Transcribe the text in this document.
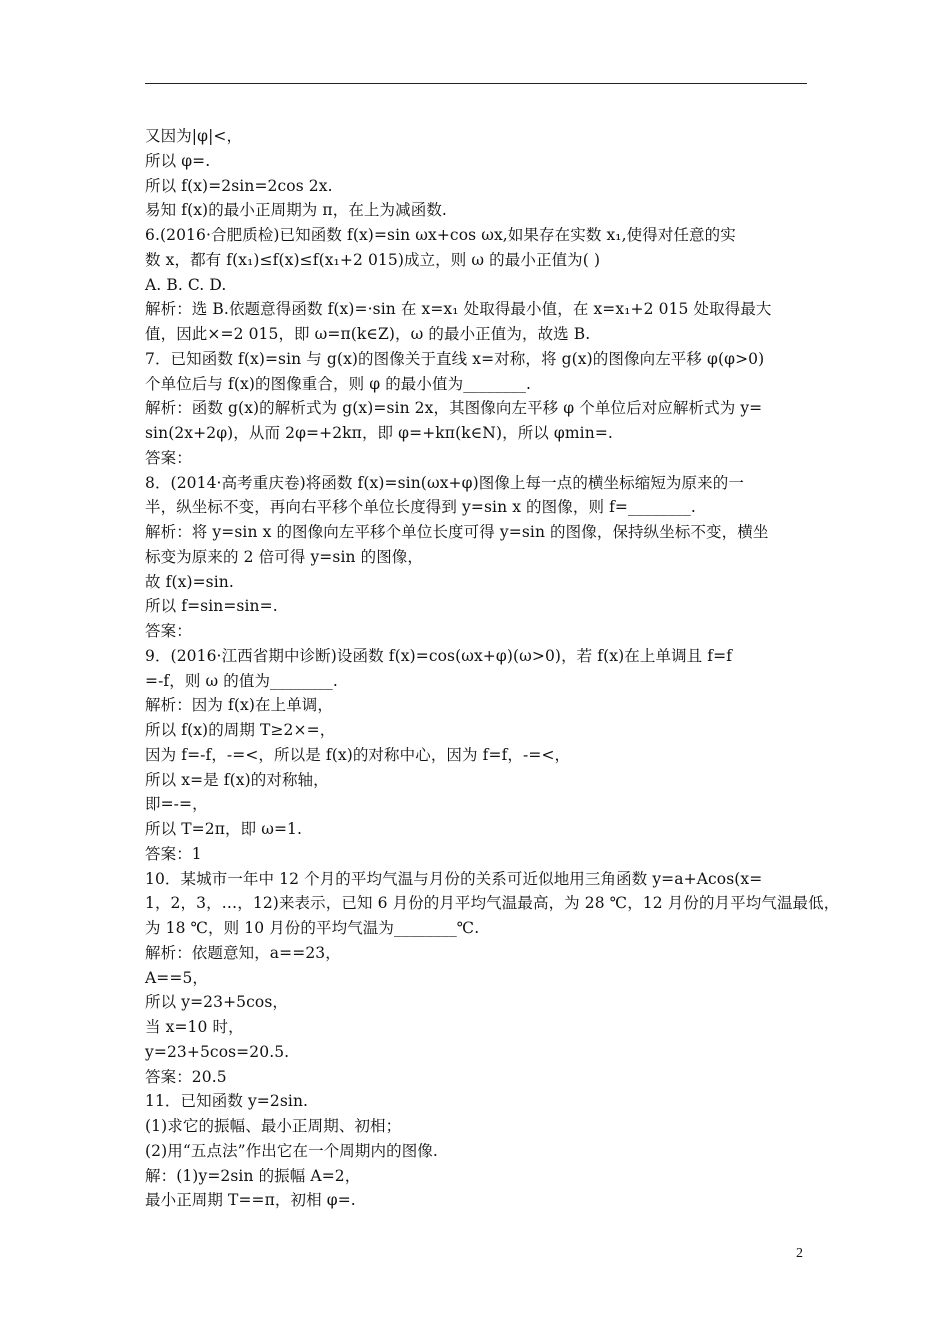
又因为|φ|<，
所以 φ=.
所以 f(x)=2sin=2cos 2x.
易知 f(x)的最小正周期为 π，在上为减函数.
6.(2016·合肥质检)已知函数 f(x)=sin ωx+cos ωx,如果存在实数 x₁,使得对任意的实
数 x，都有 f(x₁)≤f(x)≤f(x₁+2 015)成立，则 ω 的最小正值为( )
A. B. C. D.
解析：选 B.依题意得函数 f(x)=·sin 在 x=x₁ 处取得最小值，在 x=x₁+2 015 处取得最大
值，因此×=2 015，即 ω=π(k∈Z)，ω 的最小正值为，故选 B.
7．已知函数 f(x)=sin 与 g(x)的图像关于直线 x=对称，将 g(x)的图像向左平移 φ(φ>0)
个单位后与 f(x)的图像重合，则 φ 的最小值为________.
解析：函数 g(x)的解析式为 g(x)=sin 2x，其图像向左平移 φ 个单位后对应解析式为 y=
sin(2x+2φ)，从而 2φ=+2kπ，即 φ=+kπ(k∈N)，所以 φmin=.
答案：
8．(2014·高考重庆卷)将函数 f(x)=sin(ωx+φ)图像上每一点的横坐标缩短为原来的一
半，纵坐标不变，再向右平移个单位长度得到 y=sin x 的图像，则 f=________.
解析：将 y=sin x 的图像向左平移个单位长度可得 y=sin 的图像，保持纵坐标不变，横坐
标变为原来的 2 倍可得 y=sin 的图像，
故 f(x)=sin.
所以 f=sin=sin=.
答案：
9．(2016·江西省期中诊断)设函数 f(x)=cos(ωx+φ)(ω>0)，若 f(x)在上单调且 f=f
=-f，则 ω 的值为________.
解析：因为 f(x)在上单调，
所以 f(x)的周期 T≥2×=，
因为 f=-f，-=<，所以是 f(x)的对称中心，因为 f=f，-=<，
所以 x=是 f(x)的对称轴，
即=-=，
所以 T=2π，即 ω=1.
答案：1
10．某城市一年中 12 个月的平均气温与月份的关系可近似地用三角函数 y=a+Acos(x=
1，2，3，…，12)来表示，已知 6 月份的月平均气温最高，为 28 ℃，12 月份的月平均气温最低，
为 18 ℃，则 10 月份的平均气温为________℃.
解析：依题意知，a==23，
A==5，
所以 y=23+5cos，
当 x=10 时，
y=23+5cos=20.5.
答案：20.5
11．已知函数 y=2sin.
(1)求它的振幅、最小正周期、初相；
(2)用“五点法”作出它在一个周期内的图像.
解：(1)y=2sin 的振幅 A=2，
最小正周期 T==π，初相 φ=.
2
